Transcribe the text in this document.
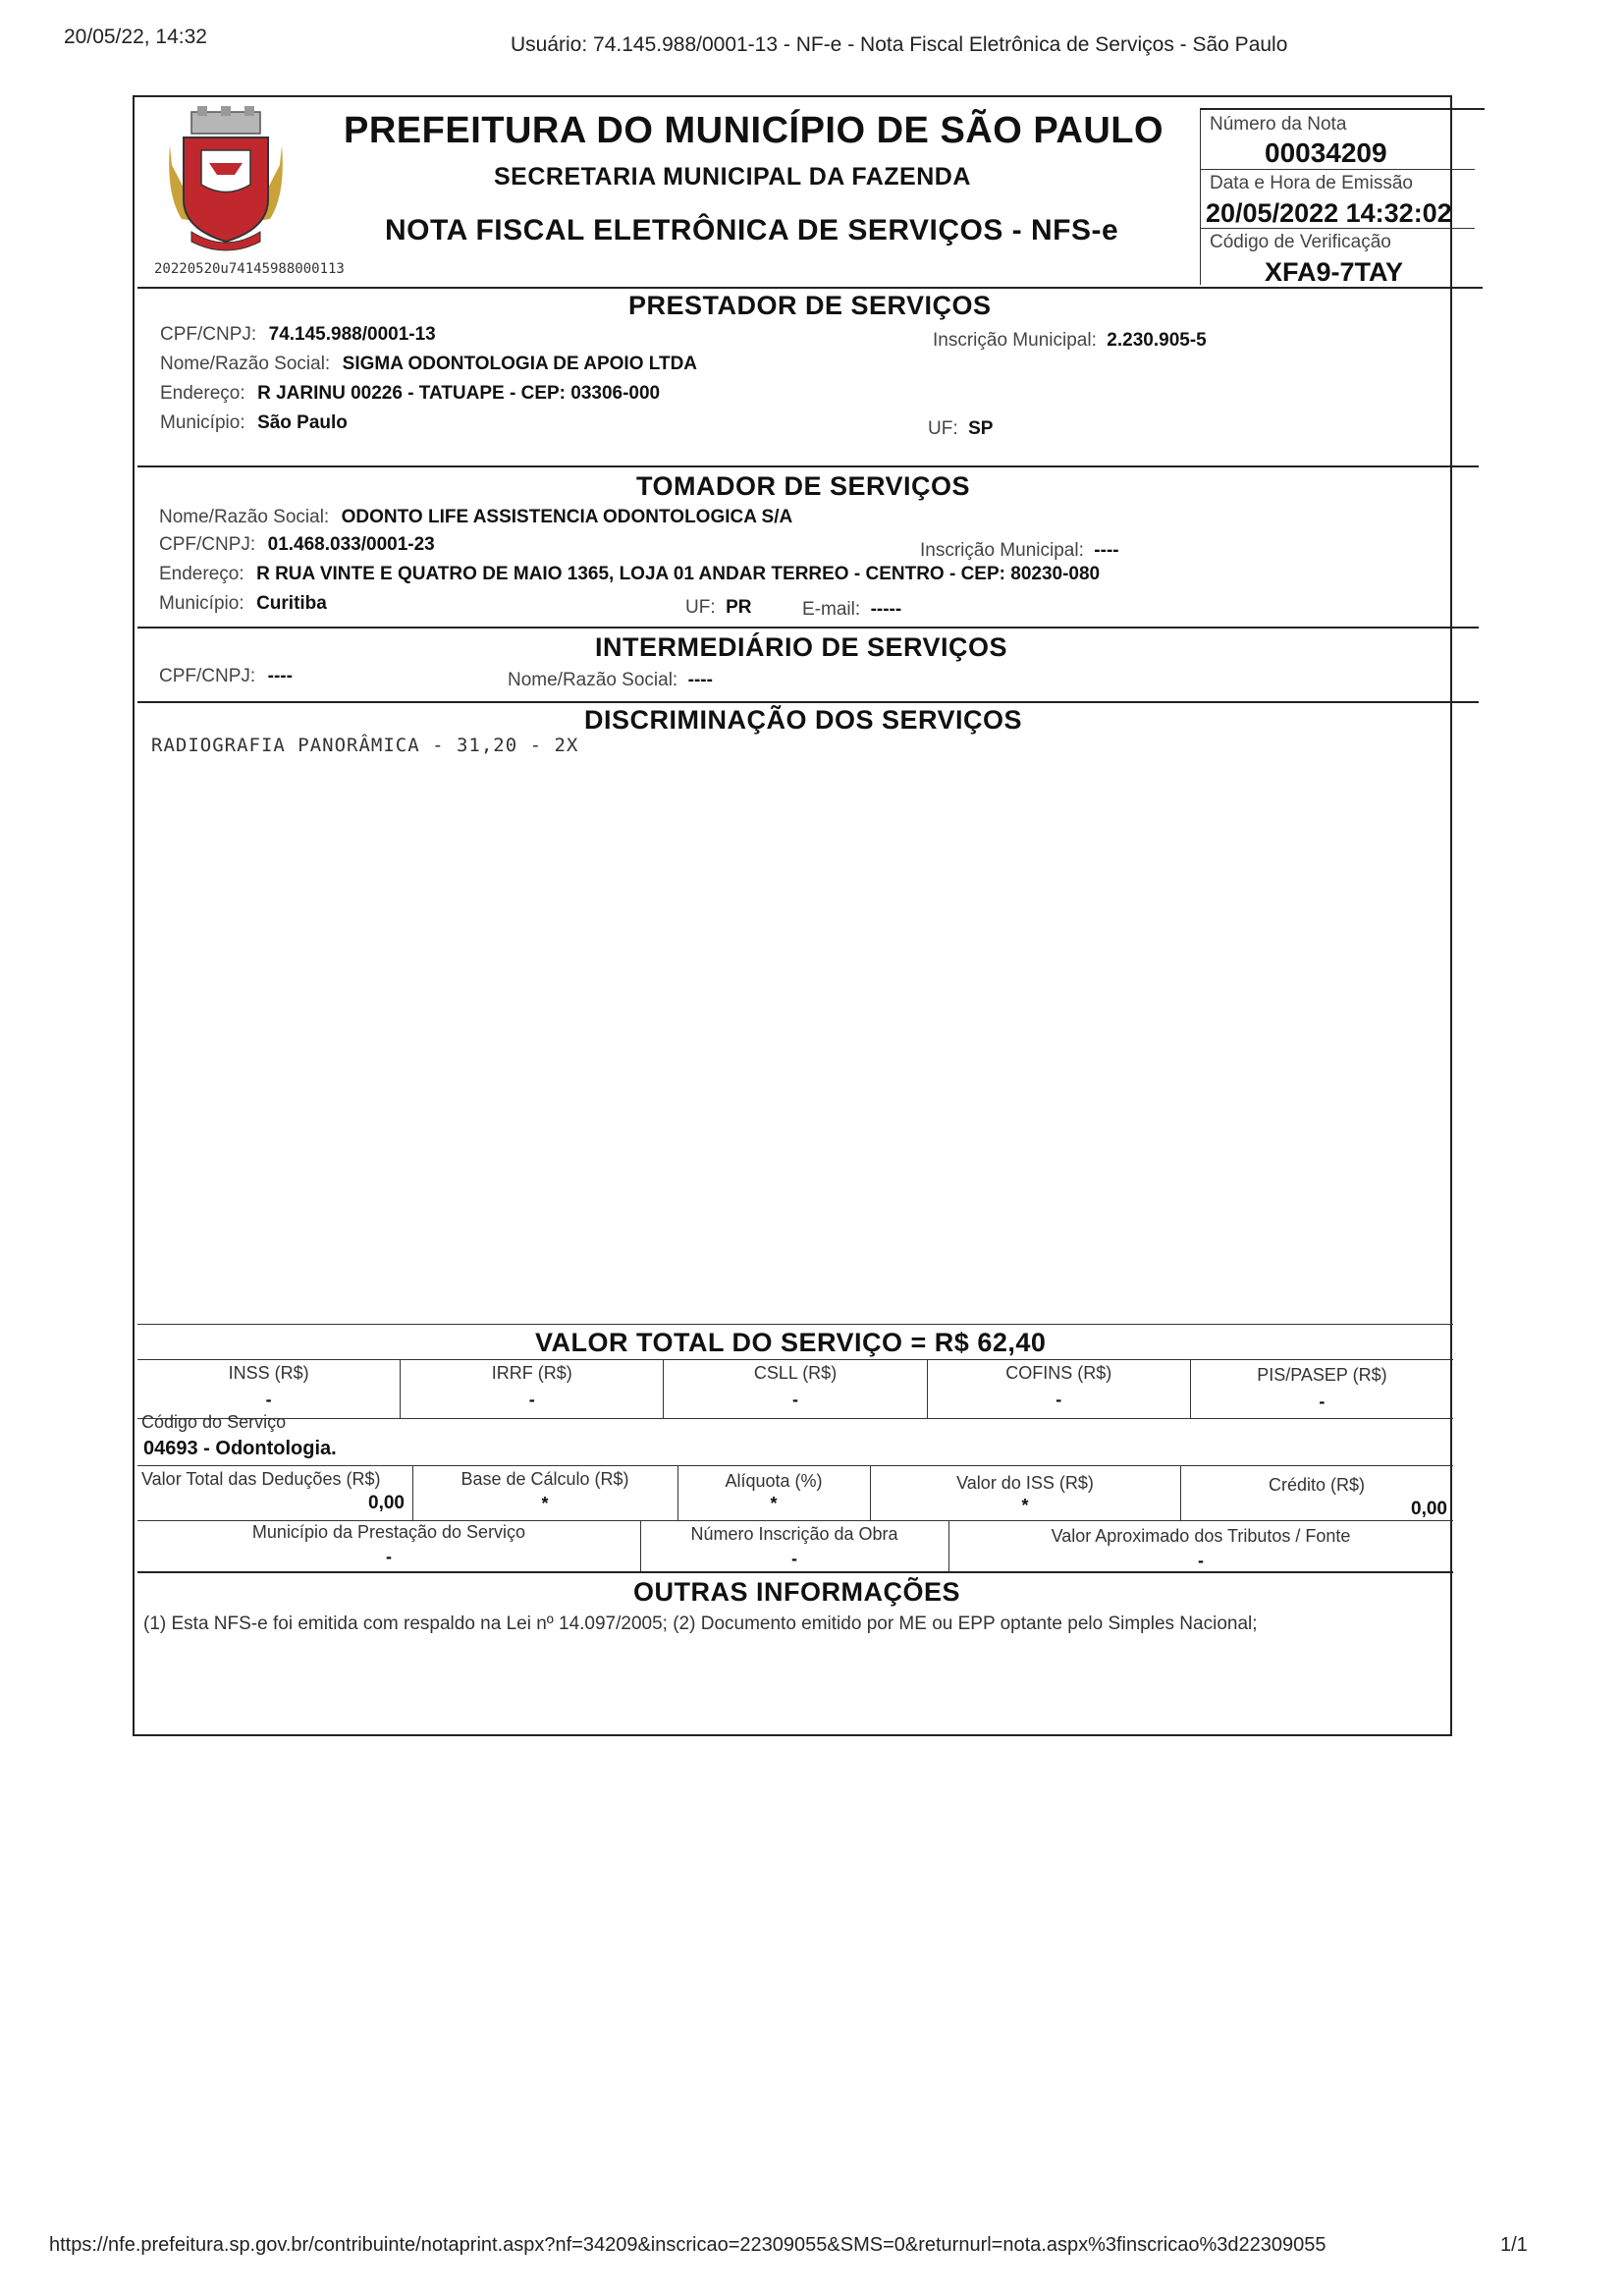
20/05/22, 14:32	Usuário: 74.145.988/0001-13 - NF-e - Nota Fiscal Eletrônica de Serviços - São Paulo
20220520u74145988000113
PREFEITURA DO MUNICÍPIO DE SÃO PAULO
SECRETARIA MUNICIPAL DA FAZENDA
NOTA FISCAL ELETRÔNICA DE SERVIÇOS - NFS-e
Número da Nota
00034209
Data e Hora de Emissão
20/05/2022 14:32:02
Código de Verificação
XFA9-7TAY
PRESTADOR DE SERVIÇOS
CPF/CNPJ: 74.145.988/0001-13	Inscrição Municipal: 2.230.905-5
Nome/Razão Social: SIGMA ODONTOLOGIA DE APOIO LTDA
Endereço: R JARINU 00226 - TATUAPE - CEP: 03306-000
Município: São Paulo	UF: SP
TOMADOR DE SERVIÇOS
Nome/Razão Social: ODONTO LIFE ASSISTENCIA ODONTOLOGICA S/A
CPF/CNPJ: 01.468.033/0001-23	Inscrição Municipal: ----
Endereço: R RUA VINTE E QUATRO DE MAIO 1365, LOJA 01 ANDAR TERREO - CENTRO - CEP: 80230-080
Município: Curitiba	UF: PR	E-mail: -----
INTERMEDIÁRIO DE SERVIÇOS
CPF/CNPJ: ----	Nome/Razão Social: ----
DISCRIMINAÇÃO DOS SERVIÇOS
RADIOGRAFIA PANORÂMICA - 31,20 - 2X
VALOR TOTAL DO SERVIÇO = R$ 62,40
INSS (R$)
-
IRRF (R$)
-
CSLL (R$)
-
COFINS (R$)
-
PIS/PASEP (R$)
-
Código do Serviço
04693 - Odontologia.
Valor Total das Deduções (R$)
0,00
Base de Cálculo (R$)
*
Alíquota (%)
*
Valor do ISS (R$)
*
Crédito (R$)
0,00
Município da Prestação do Serviço
-
Número Inscrição da Obra
-
Valor Aproximado dos Tributos / Fonte
-
OUTRAS INFORMAÇÕES
(1) Esta NFS-e foi emitida com respaldo na Lei nº 14.097/2005; (2) Documento emitido por ME ou EPP optante pelo Simples Nacional;
https://nfe.prefeitura.sp.gov.br/contribuinte/notaprint.aspx?nf=34209&inscricao=22309055&SMS=0&returnurl=nota.aspx%3finscricao%3d22309055	1/1
